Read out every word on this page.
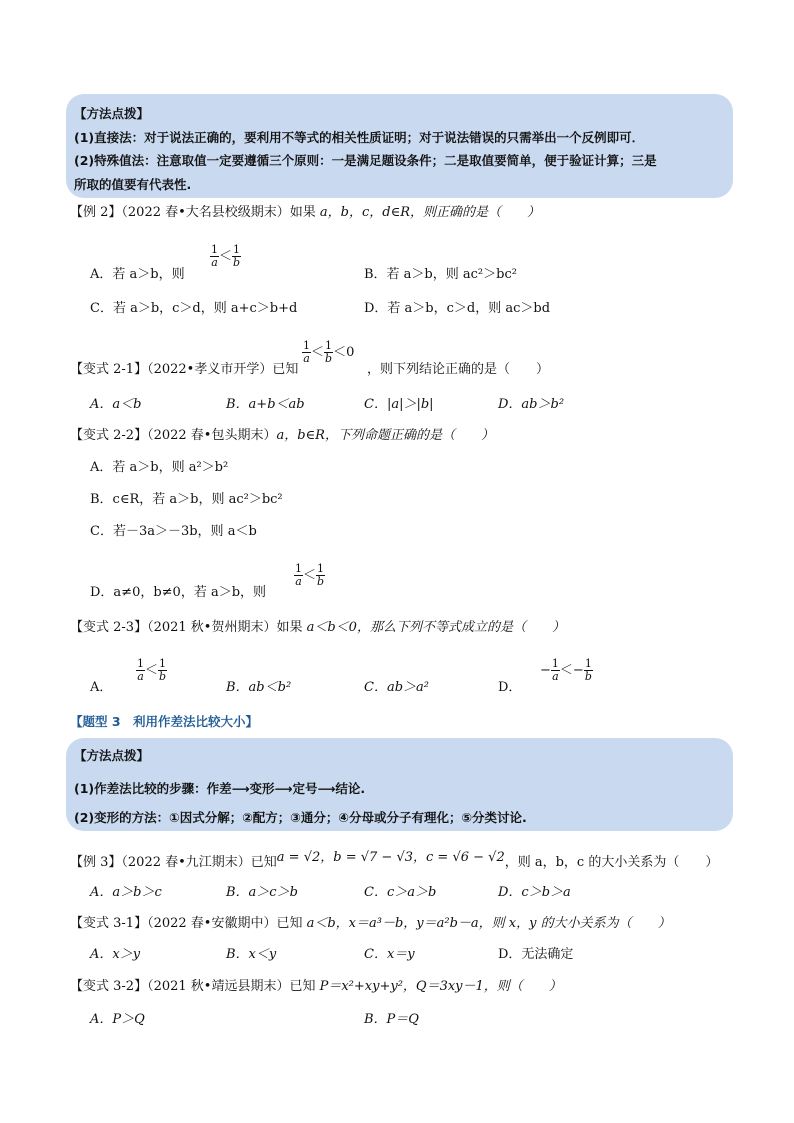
【方法点拨】
(1)直接法：对于说法正确的，要利用不等式的相关性质证明；对于说法错误的只需举出一个反例即可．
(2)特殊值法：注意取值一定要遵循三个原则：一是满足题设条件；二是取值要简单，便于验证计算；三是
所取的值要有代表性.
【例 2】（2022 春•大名县校级期末）如果 a，b，c，d∈R，则正确的是（　　）
A．若 a＞b，则
$\frac{1}{a} < \frac{1}{b}$
B．若 a＞b，则 ac²＞bc²
C．若 a＞b，c＞d，则 a+c＞b+d	D．若 a＞b，c＞d，则 ac＞bd
【变式 2-1】（2022•孝义市开学）已知
$\frac{1}{a} < \frac{1}{b} <0$
，则下列结论正确的是（　　）
A．a＜b	B．a+b＜ab	C．|a|＞|b|	D．ab＞b²
【变式 2-2】（2022 春•包头期末）a，b∈R，下列命题正确的是（　　）
A．若 a＞b，则 a²＞b²
B．c∈R，若 a＞b，则 ac²＞bc²
C．若－3a＞－3b，则 a＜b
D．a≠0，b≠0，若 a＞b，则
$\frac{1}{a} < \frac{1}{b}$
【变式 2-3】（2021 秋•贺州期末）如果 a＜b＜0，那么下列不等式成立的是（　　）
A．
$\frac{1}{a} < \frac{1}{b}$
B．ab＜b²	C．ab＞a²	D．
− $\frac{1}{a} <- \frac{1}{b}$
【题型 3　利用作差法比较大小】
【方法点拨】
(1)作差法比较的步骤：作差⟶变形⟶定号⟶结论.
(2)变形的方法：①因式分解；②配方；③通分；④分母或分子有理化；⑤分类讨论.
【例 3】（2022 春•九江期末）已知a = √2，b = √7 − √3，c = √6 − √2，则 a，b，c 的大小关系为（　　）
A．a＞b＞c	B．a＞c＞b	C．c＞a＞b	D．c＞b＞a
【变式 3-1】（2022 春•安徽期中）已知 a＜b，x＝a³－b，y＝a²b－a，则 x，y 的大小关系为（　　）
A．x＞y	B．x＜y	C．x＝y	D．无法确定
【变式 3-2】（2021 秋•靖远县期末）已知 P＝x²+xy+y²，Q＝3xy－1，则（　　）
A．P＞Q	B．P＝Q
